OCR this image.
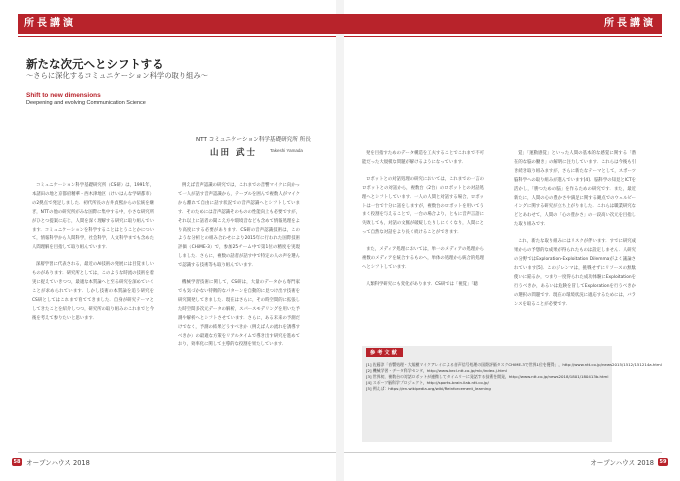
所長講演
新たな次元へとシフトする
〜さらに深化するコミュニケーション科学の取り組み〜
Shift to new dimensions
Deepening and evolving Communication Science
NTT コミュニケーション科学基礎研究所 所長
山田 武士	Takeshi Yamada

コミュニケーション科学基礎研究所（CS研）は，1991年，本諸田の地と京都府精華・西木津地区（けいはんな学研都市）の2拠点で発足しました．初代所長の古井貞熙からの伝統を継ぎ，NTTの他の研究所がみな国際に集中する中，小さな研究所がひとつ提案に応じ，人間を深く理解する研究に取り組んでいます．コミュニケーションを科学することはとうことかについて，情報科学から人間科学，社会科学，人文科学までも含めた人間理解を目指して取り組んでいます．

深層学習に代表される，最近のAI技術の発展には目覚ましいものがあります．研究所としては，このような時流の技術を着実に捉えていきつつ，最適な本質論へと至る研究を深めていくことが求められています．しかし技術の本質論を追う研究をCS研としてはこれまで育ててきました．自身が研究テーマとしてきたことを紹介しつつ，研究所の取り組みのこれまでと今後を考えて参りたいと思います．

例えば音声認識の研究では，これまでの音響マイクに向かって一人が話す音声認識から，テーブルを囲んで複数人がマイクから離れて自由に話す状況での音声認識へとシフトしています．そのためには音声認識そのものの性能向上も必要ですが，それ以上に話者の聞こえ方や環境音なども含めて情報処理をより高度にする必要があります．CS研の音声認識技術は，このような分析との組み合わせにより2015年に行われた国際技術評価（CHiME-3）で，参加25チーム中で第1位の精度を実現しました．さらに，複数の話者が話す中で特定の人の声を選んで認識する技術等も取り組んでいます．

機械学習技術に関して，CS研は，大量のデータから専門家でも気づかない特徴的なパターンを自動的に見つけ出す技術を研究開発してきました．現在はさらに，その時空間的に拡張した時空間多次元データの解析，スパースモデリングを用いた予測や解析へとシフトさせています．さらに，ある未来の予測だけでなく，予測の結果どうすべきか（例えば人の流れを誘導すべきか）の最適な方策をリアルタイムで導き出す研究を進めており，効率化に関して主導的な役割を果たしています．

58 オープンハウス 2018
所長講演

発を目指すためのデータ構造を工夫することでこれまで不可能だった大規模な問題が解けるようになっています．

ロボットとの対話処理の研究においては，これまでの一言のロボットとの対話から，複数台（2台）のロボットとの対話処理へとシフトしています．一人の人間と対話する場合，ロボットは一台で十分に話をしますが，複数台のロボットを用いてうまく役割を与えることで，一台の場合より，ともに音声言語に失敗しても，対話の文脈が破綻したりしにくくなり，人間にとって自然な対話をより長く続けることができます．

また，メディア処理においては，単一のメディアの処理から複数のメディアを統合するものへ，単体の処理から統合的処理へとシフトしています．

人類科学研究にも変化があります．CS研では「視覚」「聴

覚」「運動感覚」といった人間の基本的な感覚に関する「潜在的な脳の働き」の解明に注力しています．これらは今後も引き続き取り組みますが，さらに新たなテーマとして，スポーツ脳科学への取り組みが進んでいます[4]．脳科学の知見とICTを活かし，「勝つための脳」を作るための研究です．また，最近新たに，人間の心の豊かさや満足に関する観点でのウェルビーイングに関する研究が立ち上がりました．これらは職業研究などとあわせて，人間の「心の豊かさ」の一段高い次元を目指した取り組みです．

これ，新たな取り組みにはリスクが伴います．すでに研究成果からの予想的な成果が得られたものは設定しません．人研究の分野ではExploration-Exploitation Dilemmaがよく議論されています[5]．このジレンマは，挑戦せずにリソースの無駄使いに陥るか，つまり一度得られた成功体験にExploitationを行うべきか，あるいは危険を冒してExplorationを行うべきかの選択の問題です．現在の環境状況に適応するためには，バランスを取ることが必要です．

参考文献
[1] 佐藤淳「音響処理・大規模マイクアレイによる音声信号処理の国際評価タスクCHiME-3で世界1位を獲得」，http://www.ntt.co.jp/news2015/1512/151214a.html
[2] 機械学習・データ科学センタ，http://www.kecl.ntt.co.jp/mlc/index.j.html
[3] 世界初，複数台の対話ロボットが連携してタイムリーに発話する技術を開発，http://www.ntt.co.jp/news2018/1801/180413b.html
[4] スポーツ脳科学プロジェクト，http://sports-brain.ilab.ntt.co.jp/
[5] 例えば：https://en.wikipedia.org/wiki/Reinforcement_learning
オープンハウス 2018	59
